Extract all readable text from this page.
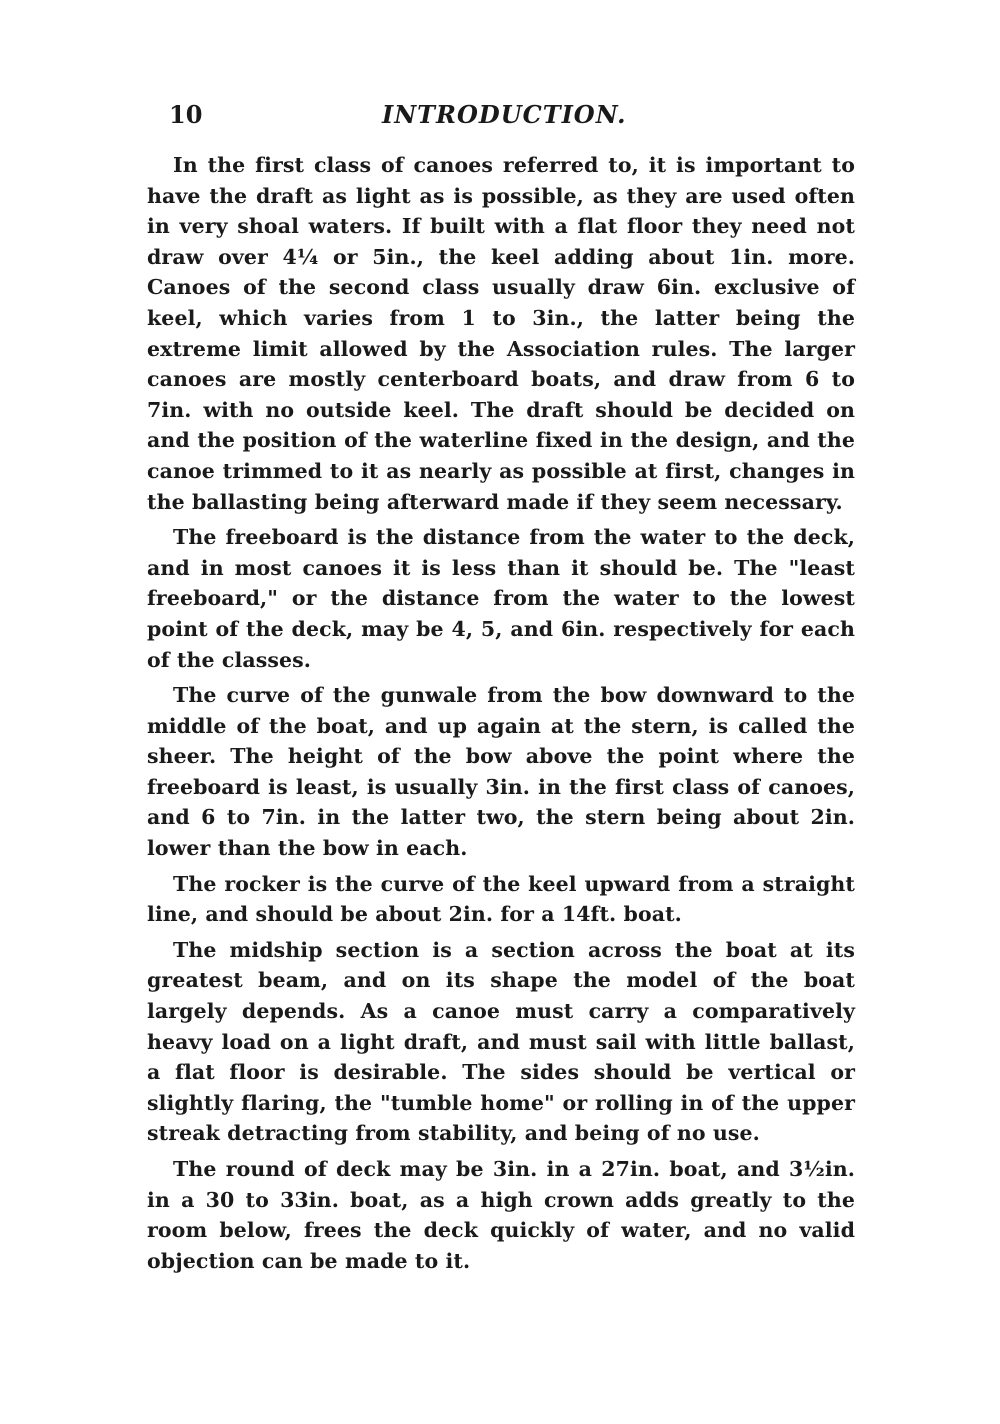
10	INTRODUCTION.

In the first class of canoes referred to, it is important to have the draft as light as is possible, as they are used often in very shoal waters. If built with a flat floor they need not draw over 4¼ or 5in., the keel adding about 1in. more. Canoes of the second class usually draw 6in. exclusive of keel, which varies from 1 to 3in., the latter being the extreme limit allowed by the Association rules. The larger canoes are mostly centerboard boats, and draw from 6 to 7in. with no outside keel. The draft should be decided on and the position of the waterline fixed in the design, and the canoe trimmed to it as nearly as possible at first, changes in the ballasting being afterward made if they seem necessary.

The freeboard is the distance from the water to the deck, and in most canoes it is less than it should be. The "least freeboard," or the distance from the water to the lowest point of the deck, may be 4, 5, and 6in. respectively for each of the classes.

The curve of the gunwale from the bow downward to the middle of the boat, and up again at the stern, is called the sheer. The height of the bow above the point where the freeboard is least, is usually 3in. in the first class of canoes, and 6 to 7in. in the latter two, the stern being about 2in. lower than the bow in each.

The rocker is the curve of the keel upward from a straight line, and should be about 2in. for a 14ft. boat.

The midship section is a section across the boat at its greatest beam, and on its shape the model of the boat largely depends. As a canoe must carry a comparatively heavy load on a light draft, and must sail with little ballast, a flat floor is desirable. The sides should be vertical or slightly flaring, the "tumble home" or rolling in of the upper streak detracting from stability, and being of no use.

The round of deck may be 3in. in a 27in. boat, and 3½in. in a 30 to 33in. boat, as a high crown adds greatly to the room below, frees the deck quickly of water, and no valid objection can be made to it.
